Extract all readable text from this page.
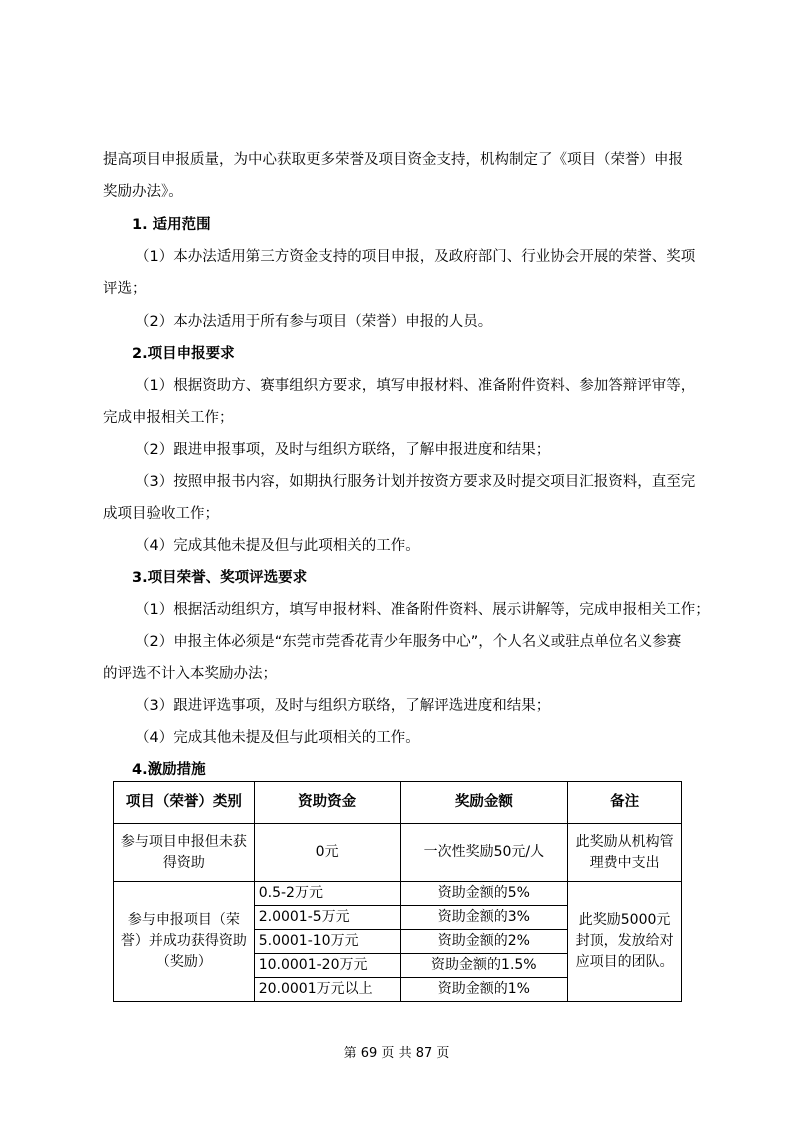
提高项目申报质量，为中心获取更多荣誉及项目资金支持，机构制定了《项目（荣誉）申报
奖励办法》。
1. 适用范围
（1）本办法适用第三方资金支持的项目申报，及政府部门、行业协会开展的荣誉、奖项
评选；
（2）本办法适用于所有参与项目（荣誉）申报的人员。
2.项目申报要求
（1）根据资助方、赛事组织方要求，填写申报材料、准备附件资料、参加答辩评审等，
完成申报相关工作；
（2）跟进申报事项，及时与组织方联络，了解申报进度和结果；
（3）按照申报书内容，如期执行服务计划并按资方要求及时提交项目汇报资料，直至完
成项目验收工作；
（4）完成其他未提及但与此项相关的工作。
3.项目荣誉、奖项评选要求
（1）根据活动组织方，填写申报材料、准备附件资料、展示讲解等，完成申报相关工作；
（2）申报主体必须是“东莞市莞香花青少年服务中心”，个人名义或驻点单位名义参赛
的评选不计入本奖励办法；
（3）跟进评选事项，及时与组织方联络，了解评选进度和结果；
（4）完成其他未提及但与此项相关的工作。
4.激励措施
项目（荣誉）类别	资助资金	奖励金额	备注
参与项目申报但未获得资助	0元	一次性奖励50元/人	此奖励从机构管理费中支出
参与申报项目（荣誉）并成功获得资助（奖励）	0.5-2万元	资助金额的5%	此奖励5000元封顶，发放给对应项目的团队。
	2.0001-5万元	资助金额的3%	
	5.0001-10万元	资助金额的2%	
	10.0001-20万元	资助金额的1.5%	
	20.0001万元以上	资助金额的1%	
第 69 页 共 87 页
